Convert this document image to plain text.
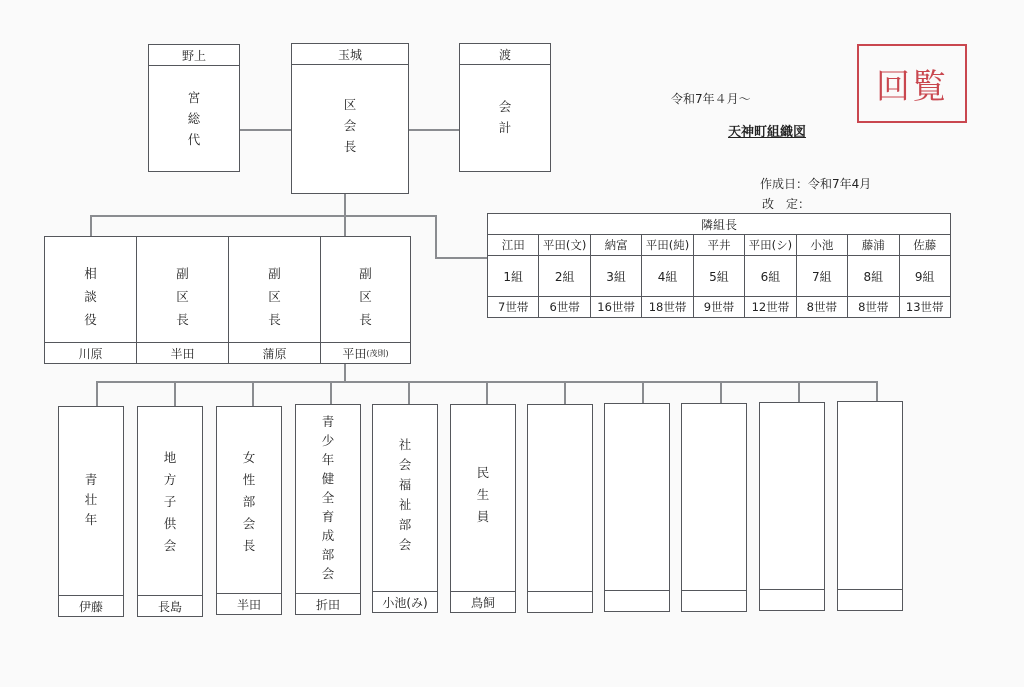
野上
宮
総
代
玉城
区
会
長
渡
会
計
令和7年４月～
天神町組織図
作成日：令和7年4月
改　定：
回覧
相
談
役
川原
副
区
長
半田
副
区
長
蒲原
副
区
長
平田 (茂則)
隣組長								
江田	平田(文)	納富	平田(純)	平井	平田(シ)	小池	藤浦	佐藤
1組	2組	3組	4組	5組	6組	7組	8組	9組
7世帯	6世帯	16世帯	18世帯	9世帯	12世帯	8世帯	8世帯	13世帯
青
壮
年
伊藤
地
方
子
供
会
長島
女
性
部
会
長
半田
青
少
年
健
全
育
成
部
会
折田
社
会
福
祉
部
会
小池(み)
民
生
員
鳥飼
